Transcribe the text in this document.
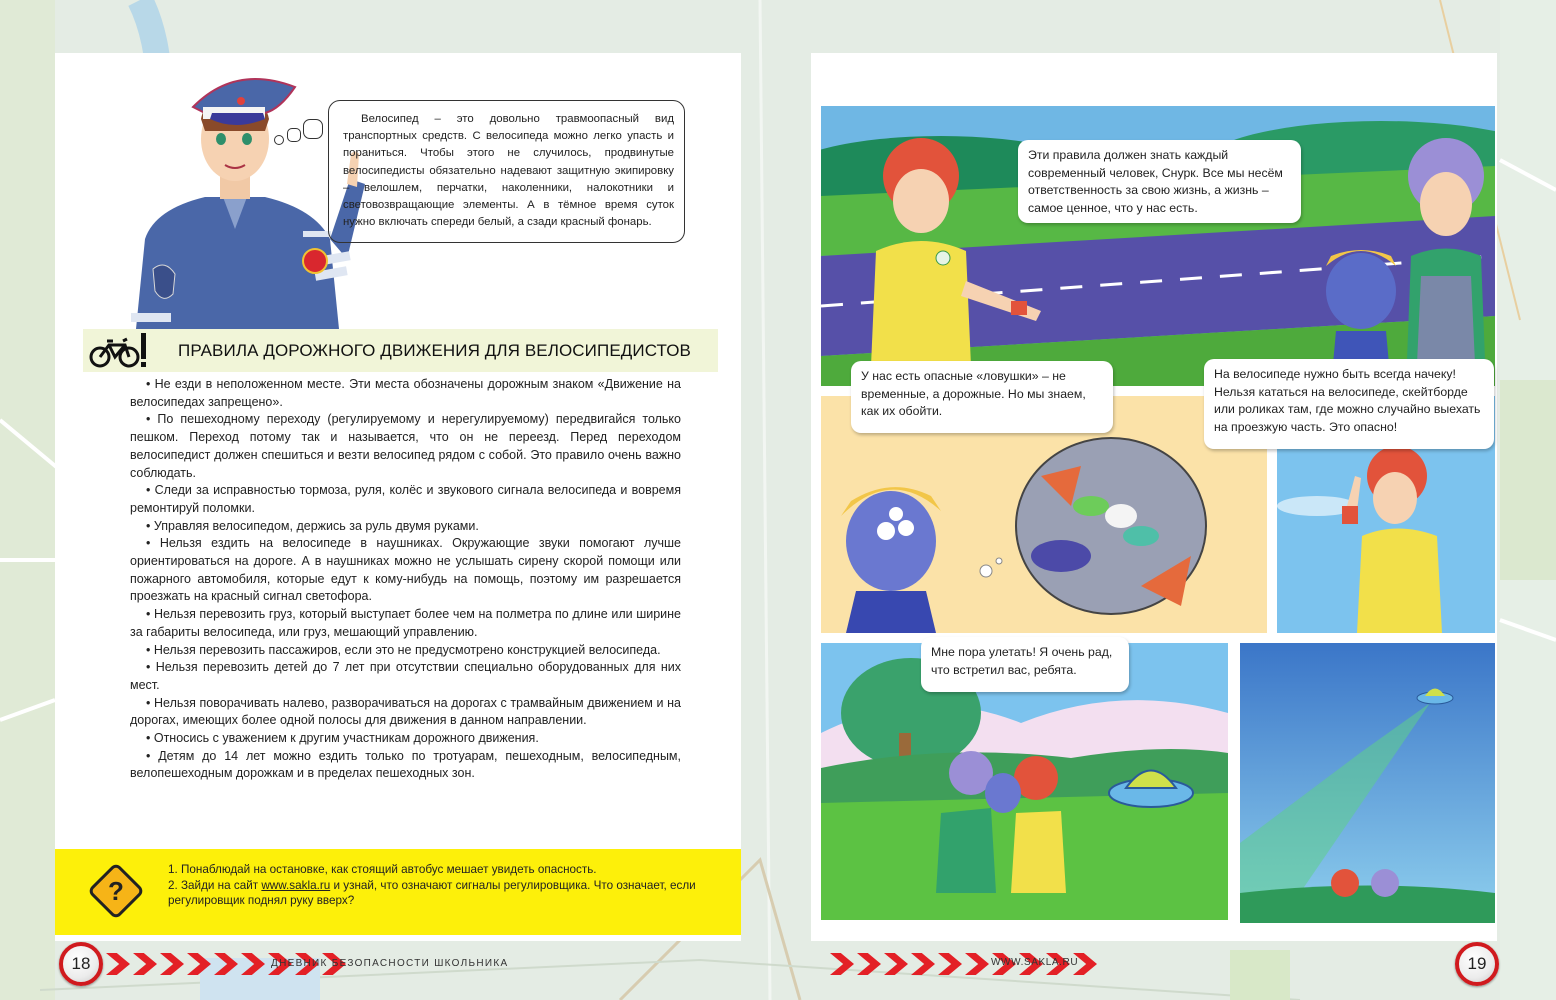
Велосипед – это довольно травмоопасный вид транспортных средств. С велосипеда можно легко упасть и пораниться. Чтобы этого не случилось, продвинутые велосипедисты обязательно надевают защитную экипировку – велошлем, перчатки, наколенники, налокотники и световозвращающие элементы. А в тёмное время суток нужно включать спереди белый, а сзади красный фонарь.
ПРАВИЛА ДОРОЖНОГО ДВИЖЕНИЯ ДЛЯ ВЕЛОСИПЕДИСТОВ

• Не езди в неположенном месте. Эти места обозначены дорожным знаком «Движение на велосипедах запрещено».

• По пешеходному переходу (регулируемому и нерегулируемому) передвигайся только пешком. Переход потому так и называется, что он не переезд. Перед переходом велосипедист должен спешиться и везти велосипед рядом с собой. Это правило очень важно соблюдать.

• Следи за исправностью тормоза, руля, колёс и звукового сигнала велосипеда и вовремя ремонтируй поломки.

• Управляя велосипедом, держись за руль двумя руками.

• Нельзя ездить на велосипеде в наушниках. Окружающие звуки помогают лучше ориентироваться на дороге. А в наушниках можно не услышать сирену скорой помощи или пожарного автомобиля, которые едут к кому-нибудь на помощь, поэтому им разрешается проезжать на красный сигнал светофора.

• Нельзя перевозить груз, который выступает более чем на полметра по длине или ширине за габариты велосипеда, или груз, мешающий управлению.

• Нельзя перевозить пассажиров, если это не предусмотрено конструкцией велосипеда.

• Нельзя перевозить детей до 7 лет при отсутствии специально оборудованных для них мест.

• Нельзя поворачивать налево, разворачиваться на дорогах с трамвайным движением и на дорогах, имеющих более одной полосы для движения в данном направлении.

• Относись с уважением к другим участникам дорожного движения.

• Детям до 14 лет можно ездить только по тротуарам, пешеходным, велосипедным, велопешеходным дорожкам и в пределах пешеходных зон.

?
1. Понаблюдай на остановке, как стоящий автобус мешает увидеть опасность.
2. Зайди на сайт www.sakla.ru и узнай, что означают сигналы регулировщика. Что означает, если регулировщик поднял руку вверх?
18	ДНЕВНИК БЕЗОПАСНОСТИ ШКОЛЬНИКА
Эти правила должен знать каждый современный человек, Снурк. Все мы несём ответственность за свою жизнь, а жизнь – самое ценное, что у нас есть.
У нас есть опасные «ловушки» – не временные, а дорожные. Но мы знаем, как их обойти.
На велосипеде нужно быть всегда начеку! Нельзя кататься на велосипеде, скейтборде или роликах там, где можно случайно выехать на проезжую часть. Это опасно!
Мне пора улетать! Я очень рад, что встретил вас, ребята.
WWW.SAKLA.RU	19
